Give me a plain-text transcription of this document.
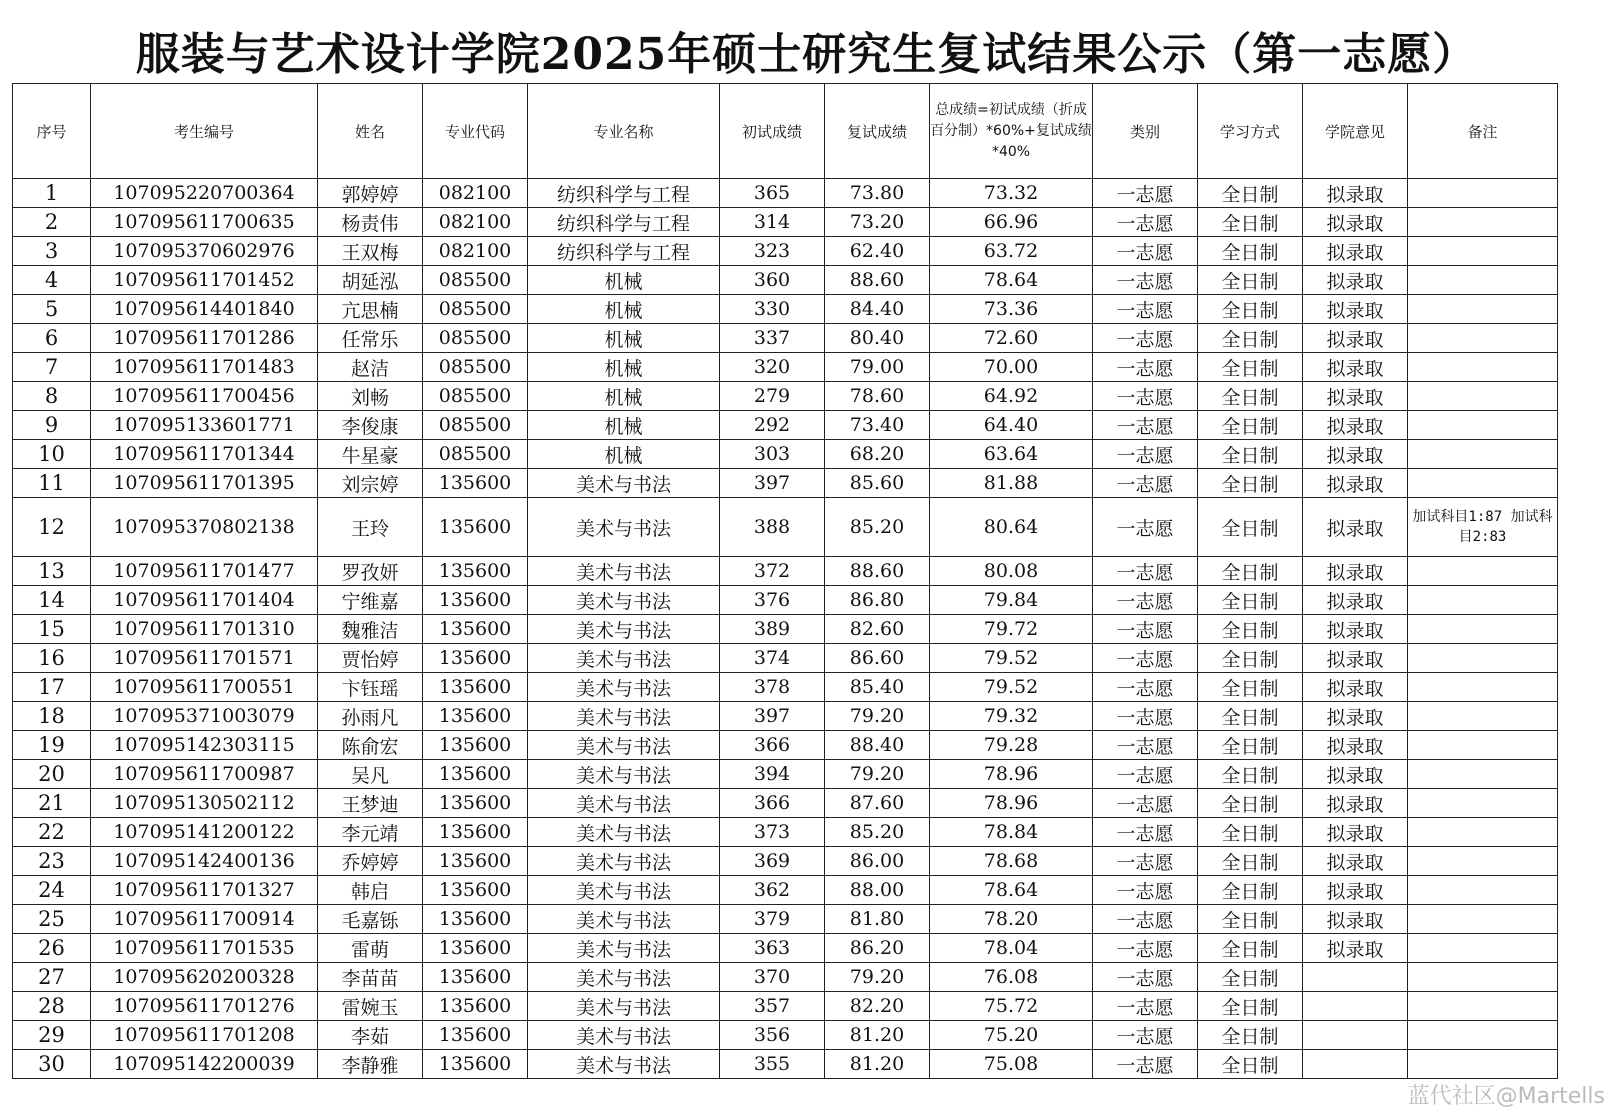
服装与艺术设计学院2025年硕士研究生复试结果公示（第一志愿）
序号	考生编号	姓名	专业代码	专业名称	初试成绩	复试成绩	总成绩=初试成绩（折成百分制）*60%+复试成绩*40%	类别	学习方式	学院意见	备注
1	107095220700364	郭婷婷	082100	纺织科学与工程	365	73.80	73.32	一志愿	全日制	拟录取	
2	107095611700635	杨责伟	082100	纺织科学与工程	314	73.20	66.96	一志愿	全日制	拟录取	
3	107095370602976	王双梅	082100	纺织科学与工程	323	62.40	63.72	一志愿	全日制	拟录取	
4	107095611701452	胡延泓	085500	机械	360	88.60	78.64	一志愿	全日制	拟录取	
5	107095614401840	亢思楠	085500	机械	330	84.40	73.36	一志愿	全日制	拟录取	
6	107095611701286	任常乐	085500	机械	337	80.40	72.60	一志愿	全日制	拟录取	
7	107095611701483	赵洁	085500	机械	320	79.00	70.00	一志愿	全日制	拟录取	
8	107095611700456	刘畅	085500	机械	279	78.60	64.92	一志愿	全日制	拟录取	
9	107095133601771	李俊康	085500	机械	292	73.40	64.40	一志愿	全日制	拟录取	
10	107095611701344	牛星豪	085500	机械	303	68.20	63.64	一志愿	全日制	拟录取	
11	107095611701395	刘宗婷	135600	美术与书法	397	85.60	81.88	一志愿	全日制	拟录取	
12	107095370802138	王玲	135600	美术与书法	388	85.20	80.64	一志愿	全日制	拟录取	加试科目1:87 加试科目2:83
13	107095611701477	罗孜妍	135600	美术与书法	372	88.60	80.08	一志愿	全日制	拟录取	
14	107095611701404	宁维嘉	135600	美术与书法	376	86.80	79.84	一志愿	全日制	拟录取	
15	107095611701310	魏雅洁	135600	美术与书法	389	82.60	79.72	一志愿	全日制	拟录取	
16	107095611701571	贾怡婷	135600	美术与书法	374	86.60	79.52	一志愿	全日制	拟录取	
17	107095611700551	卞钰瑶	135600	美术与书法	378	85.40	79.52	一志愿	全日制	拟录取	
18	107095371003079	孙雨凡	135600	美术与书法	397	79.20	79.32	一志愿	全日制	拟录取	
19	107095142303115	陈俞宏	135600	美术与书法	366	88.40	79.28	一志愿	全日制	拟录取	
20	107095611700987	吴凡	135600	美术与书法	394	79.20	78.96	一志愿	全日制	拟录取	
21	107095130502112	王梦迪	135600	美术与书法	366	87.60	78.96	一志愿	全日制	拟录取	
22	107095141200122	李元靖	135600	美术与书法	373	85.20	78.84	一志愿	全日制	拟录取	
23	107095142400136	乔婷婷	135600	美术与书法	369	86.00	78.68	一志愿	全日制	拟录取	
24	107095611701327	韩启	135600	美术与书法	362	88.00	78.64	一志愿	全日制	拟录取	
25	107095611700914	毛嘉铄	135600	美术与书法	379	81.80	78.20	一志愿	全日制	拟录取	
26	107095611701535	雷萌	135600	美术与书法	363	86.20	78.04	一志愿	全日制	拟录取	
27	107095620200328	李苗苗	135600	美术与书法	370	79.20	76.08	一志愿	全日制		
28	107095611701276	雷婉玉	135600	美术与书法	357	82.20	75.72	一志愿	全日制		
29	107095611701208	李茹	135600	美术与书法	356	81.20	75.20	一志愿	全日制		
30	107095142200039	李静雅	135600	美术与书法	355	81.20	75.08	一志愿	全日制		
蓝代社区@Martells
